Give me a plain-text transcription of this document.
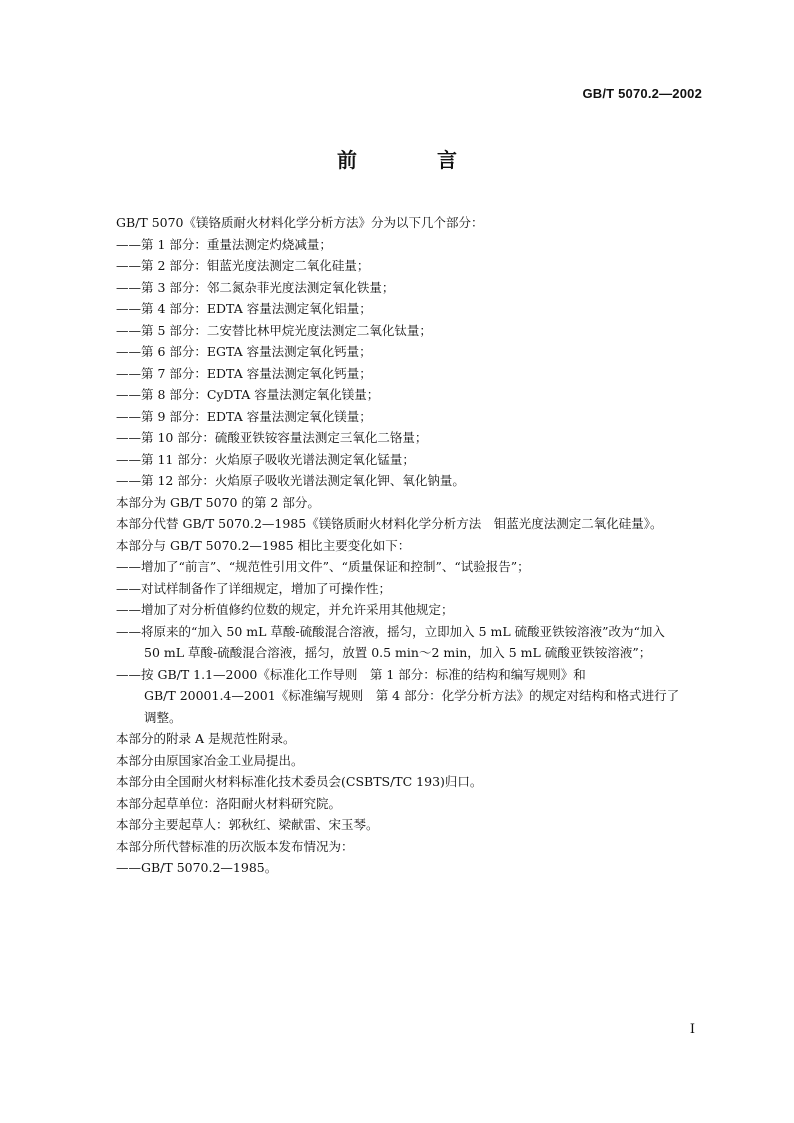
GB/T 5070.2—2002
前　言
GB/T 5070《镁铬质耐火材料化学分析方法》分为以下几个部分：
——第 1 部分：重量法测定灼烧减量；
——第 2 部分：钼蓝光度法测定二氧化硅量；
——第 3 部分：邻二氮杂菲光度法测定氧化铁量；
——第 4 部分：EDTA 容量法测定氧化铝量；
——第 5 部分：二安替比林甲烷光度法测定二氧化钛量；
——第 6 部分：EGTA 容量法测定氧化钙量；
——第 7 部分：EDTA 容量法测定氧化钙量；
——第 8 部分：CyDTA 容量法测定氧化镁量；
——第 9 部分：EDTA 容量法测定氧化镁量；
——第 10 部分：硫酸亚铁铵容量法测定三氧化二铬量；
——第 11 部分：火焰原子吸收光谱法测定氧化锰量；
——第 12 部分：火焰原子吸收光谱法测定氧化钾、氧化钠量。
本部分为 GB/T 5070 的第 2 部分。
本部分代替 GB/T 5070.2—1985《镁铬质耐火材料化学分析方法　钼蓝光度法测定二氧化硅量》。
本部分与 GB/T 5070.2—1985 相比主要变化如下：
——增加了“前言”、“规范性引用文件”、“质量保证和控制”、“试验报告”；
——对试样制备作了详细规定，增加了可操作性；
——增加了对分析值修约位数的规定，并允许采用其他规定；
——将原来的“加入 50 mL 草酸-硫酸混合溶液，摇匀，立即加入 5 mL 硫酸亚铁铵溶液”改为“加入
50 mL 草酸-硫酸混合溶液，摇匀，放置 0.5 min～2 min，加入 5 mL 硫酸亚铁铵溶液”；
——按 GB/T 1.1—2000《标准化工作导则　第 1 部分：标准的结构和编写规则》和
GB/T 20001.4—2001《标准编写规则　第 4 部分：化学分析方法》的规定对结构和格式进行了
调整。
本部分的附录 A 是规范性附录。
本部分由原国家冶金工业局提出。
本部分由全国耐火材料标准化技术委员会(CSBTS/TC 193)归口。
本部分起草单位：洛阳耐火材料研究院。
本部分主要起草人：郭秋红、梁献雷、宋玉琴。
本部分所代替标准的历次版本发布情况为：
——GB/T 5070.2—1985。
I
